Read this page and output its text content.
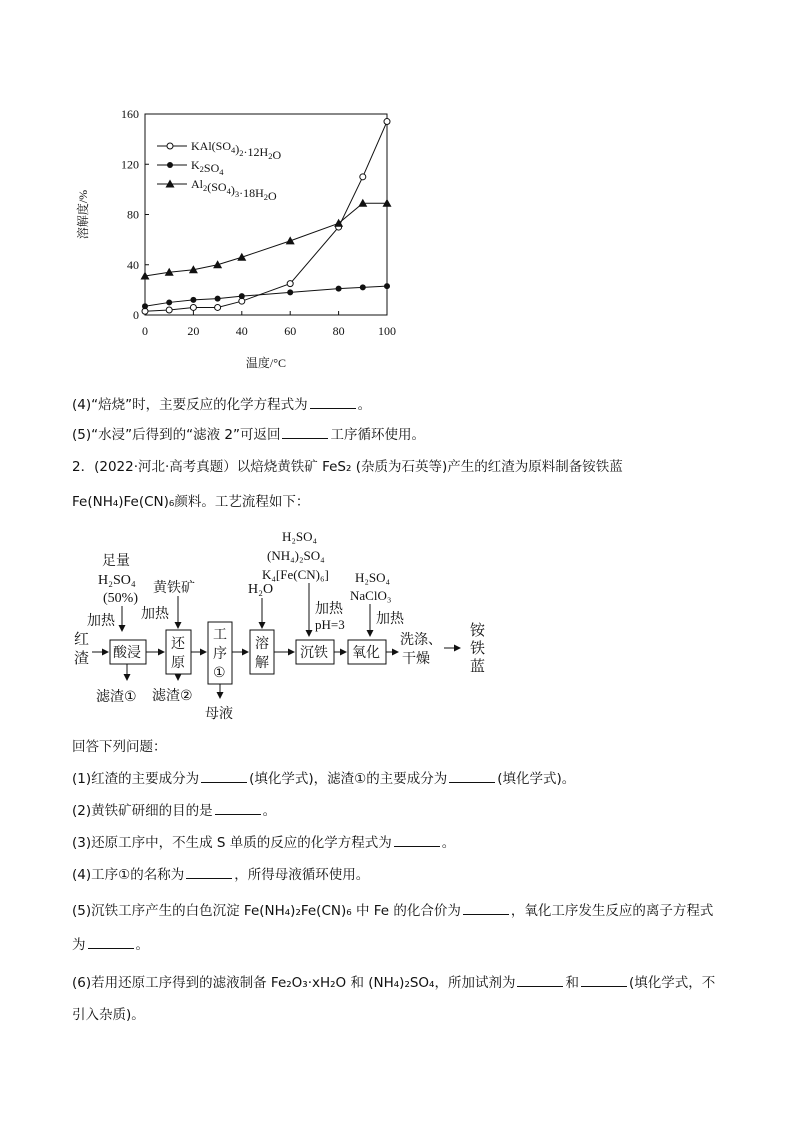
0
40
80
120
160
0	20	40	60	80	100
温度/°C
溶解度/%
$KAl(SO_4)_2\cdot 12H_2O$
$K_2SO_4$
$Al_2(SO_4)_3\cdot 18H_2O$
(4)“焙烧”时，主要反应的化学方程式为	。
(5)“水浸”后得到的“滤液 2”可返回	工序循环使用。
2．(2022·河北·高考真题）以焙烧黄铁矿 FeS₂ (杂质为石英等)产生的红渣为原料制备铵铁蓝
Fe(NH₄)Fe(CN)₆颜料。工艺流程如下：
红
渣
足量
H₂SO₄
(50%)
加热
酸浸
滤渣①
黄铁矿
加热
还
原
滤渣②
工
序
①
母液
H₂O
溶
解
H₂SO₄
(NH₄)₂SO₄
K₄[Fe(CN)₆]
加热
pH=3
沉铁
H₂SO₄
NaClO₃
加热
氧化
洗涤、
干燥
铵
铁
蓝
回答下列问题：
(1)红渣的主要成分为	(填化学式)，滤渣①的主要成分为	(填化学式)。
(2)黄铁矿研细的目的是	。
(3)还原工序中，不生成 S 单质的反应的化学方程式为	。
(4)工序①的名称为	，所得母液循环使用。
(5)沉铁工序产生的白色沉淀 Fe(NH₄)₂Fe(CN)₆ 中 Fe 的化合价为	，氧化工序发生反应的离子方程式
为	。
(6)若用还原工序得到的滤液制备 Fe₂O₃·xH₂O 和 (NH₄)₂SO₄，所加试剂为	和	(填化学式，不
引入杂质)。
